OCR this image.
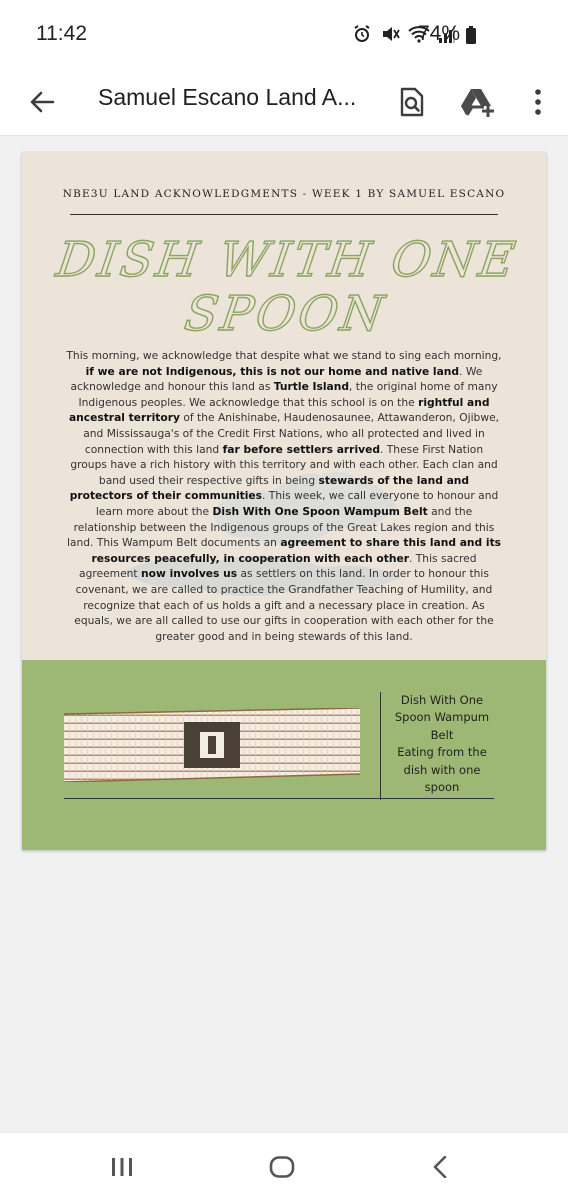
11:42	74%
Samuel Escano Land A...
NBE3U LAND ACKNOWLEDGMENTS - WEEK 1 BY SAMUEL ESCANO
DISH WITH ONE
SPOON
This morning, we acknowledge that despite what we stand to sing each morning, if we are not Indigenous, this is not our home and native land. We acknowledge and honour this land as Turtle Island, the original home of many Indigenous peoples. We acknowledge that this school is on the rightful and ancestral territory of the Anishinabe, Haudenosaunee, Attawanderon, Ojibwe, and Mississauga's of the Credit First Nations, who all protected and lived in connection with this land far before settlers arrived. These First Nation groups have a rich history with this territory and with each other. Each clan and band used their respective gifts in being stewards of the land and protectors of their communities. This week, we call everyone to honour and learn more about the Dish With One Spoon Wampum Belt and the relationship between the Indigenous groups of the Great Lakes region and this land. This Wampum Belt documents an agreement to share this land and its resources peacefully, in cooperation with each other. This sacred agreement now involves us as settlers on this land. In order to honour this covenant, we are called to practice the Grandfather Teaching of Humility, and recognize that each of us holds a gift and a necessary place in creation. As equals, we are all called to use our gifts in cooperation with each other for the greater good and in being stewards of this land.
Dish With One Spoon Wampum Belt
Eating from the dish with one spoon
